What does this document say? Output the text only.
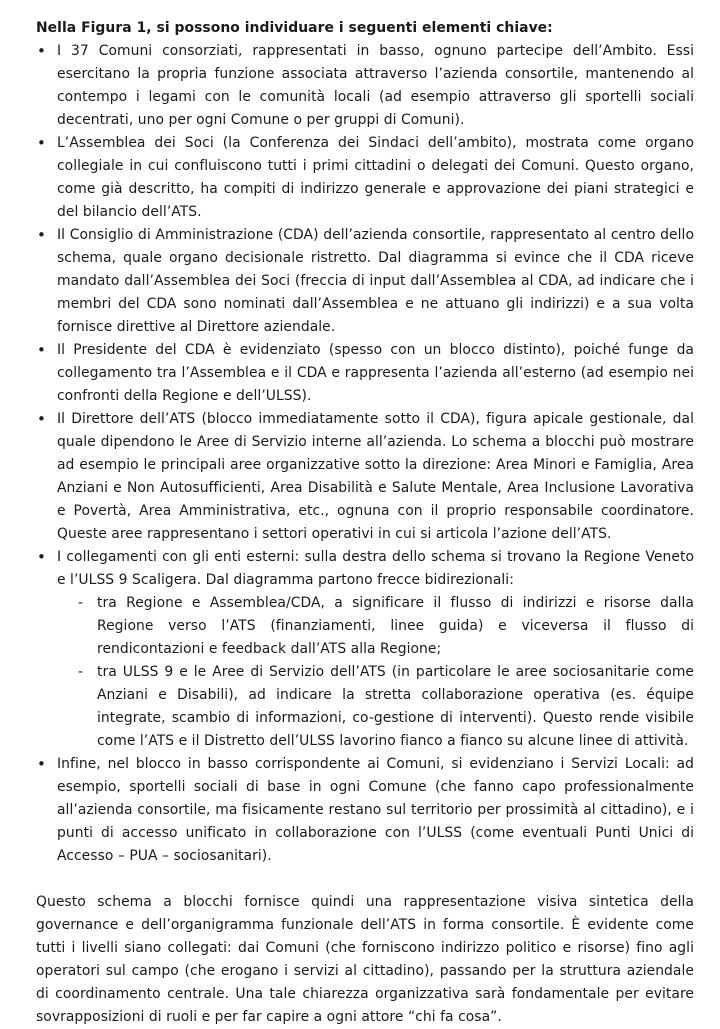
Nella Figura 1, si possono individuare i seguenti elementi chiave:

• I 37 Comuni consorziati, rappresentati in basso, ognuno partecipe dell’Ambito. Essi esercitano la propria funzione associata attraverso l’azienda consortile, mantenendo al contempo i legami con le comunità locali (ad esempio attraverso gli sportelli sociali decentrati, uno per ogni Comune o per gruppi di Comuni).
• L’Assemblea dei Soci (la Conferenza dei Sindaci dell’ambito), mostrata come organo collegiale in cui confluiscono tutti i primi cittadini o delegati dei Comuni. Questo organo, come già descritto, ha compiti di indirizzo generale e approvazione dei piani strategici e del bilancio dell’ATS.
• Il Consiglio di Amministrazione (CDA) dell’azienda consortile, rappresentato al centro dello schema, quale organo decisionale ristretto. Dal diagramma si evince che il CDA riceve mandato dall’Assemblea dei Soci (freccia di input dall’Assemblea al CDA, ad indicare che i membri del CDA sono nominati dall’Assemblea e ne attuano gli indirizzi) e a sua volta fornisce direttive al Direttore aziendale.
• Il Presidente del CDA è evidenziato (spesso con un blocco distinto), poiché funge da collegamento tra l’Assemblea e il CDA e rappresenta l’azienda all’esterno (ad esempio nei confronti della Regione e dell’ULSS).
• Il Direttore dell’ATS (blocco immediatamente sotto il CDA), figura apicale gestionale, dal quale dipendono le Aree di Servizio interne all’azienda. Lo schema a blocchi può mostrare ad esempio le principali aree organizzative sotto la direzione: Area Minori e Famiglia, Area Anziani e Non Autosufficienti, Area Disabilità e Salute Mentale, Area Inclusione Lavorativa e Povertà, Area Amministrativa, etc., ognuna con il proprio responsabile coordinatore. Queste aree rappresentano i settori operativi in cui si articola l’azione dell’ATS.
• I collegamenti con gli enti esterni: sulla destra dello schema si trovano la Regione Veneto e l’ULSS 9 Scaligera. Dal diagramma partono frecce bidirezionali:
- tra Regione e Assemblea/CDA, a significare il flusso di indirizzi e risorse dalla Regione verso l’ATS (finanziamenti, linee guida) e viceversa il flusso di rendicontazioni e feedback dall’ATS alla Regione;
- tra ULSS 9 e le Aree di Servizio dell’ATS (in particolare le aree sociosanitarie come Anziani e Disabili), ad indicare la stretta collaborazione operativa (es. équipe integrate, scambio di informazioni, co-gestione di interventi). Questo rende visibile come l’ATS e il Distretto dell’ULSS lavorino fianco a fianco su alcune linee di attività.
• Infine, nel blocco in basso corrispondente ai Comuni, si evidenziano i Servizi Locali: ad esempio, sportelli sociali di base in ogni Comune (che fanno capo professionalmente all’azienda consortile, ma fisicamente restano sul territorio per prossimità al cittadino), e i punti di accesso unificato in collaborazione con l’ULSS (come eventuali Punti Unici di Accesso – PUA – sociosanitari).

Questo schema a blocchi fornisce quindi una rappresentazione visiva sintetica della governance e dell’organigramma funzionale dell’ATS in forma consortile. È evidente come tutti i livelli siano collegati: dai Comuni (che forniscono indirizzo politico e risorse) fino agli operatori sul campo (che erogano i servizi al cittadino), passando per la struttura aziendale di coordinamento centrale. Una tale chiarezza organizzativa sarà fondamentale per evitare sovrapposizioni di ruoli e per far capire a ogni attore “chi fa cosa”.
